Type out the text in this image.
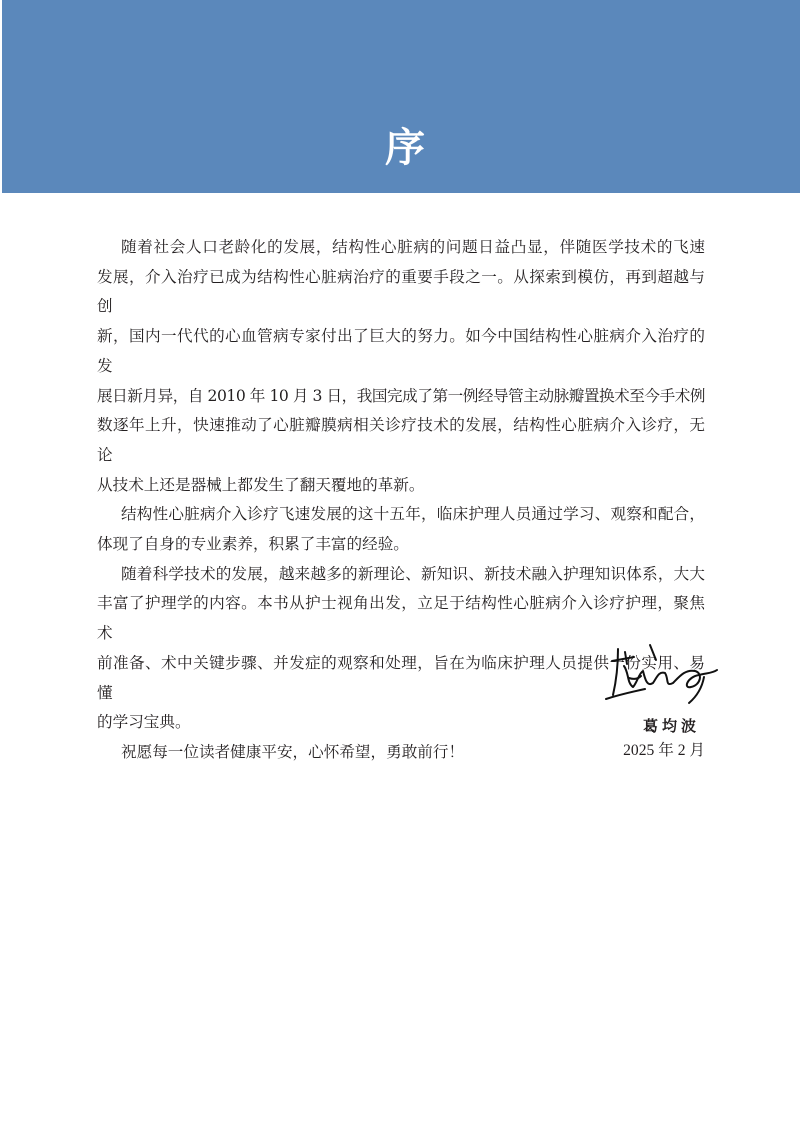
序
随着社会人口老龄化的发展，结构性心脏病的问题日益凸显，伴随医学技术的飞速
发展，介入治疗已成为结构性心脏病治疗的重要手段之一。从探索到模仿，再到超越与创
新，国内一代代的心血管病专家付出了巨大的努力。如今中国结构性心脏病介入治疗的发
展日新月异，自 2010 年 10 月 3 日，我国完成了第一例经导管主动脉瓣置换术至今手术例
数逐年上升，快速推动了心脏瓣膜病相关诊疗技术的发展，结构性心脏病介入诊疗，无论
从技术上还是器械上都发生了翻天覆地的革新。
结构性心脏病介入诊疗飞速发展的这十五年，临床护理人员通过学习、观察和配合，
体现了自身的专业素养，积累了丰富的经验。
随着科学技术的发展，越来越多的新理论、新知识、新技术融入护理知识体系，大大
丰富了护理学的内容。本书从护士视角出发，立足于结构性心脏病介入诊疗护理，聚焦术
前准备、术中关键步骤、并发症的观察和处理，旨在为临床护理人员提供一份实用、易懂
的学习宝典。
祝愿每一位读者健康平安，心怀希望，勇敢前行！
葛均波
2025 年 2 月
